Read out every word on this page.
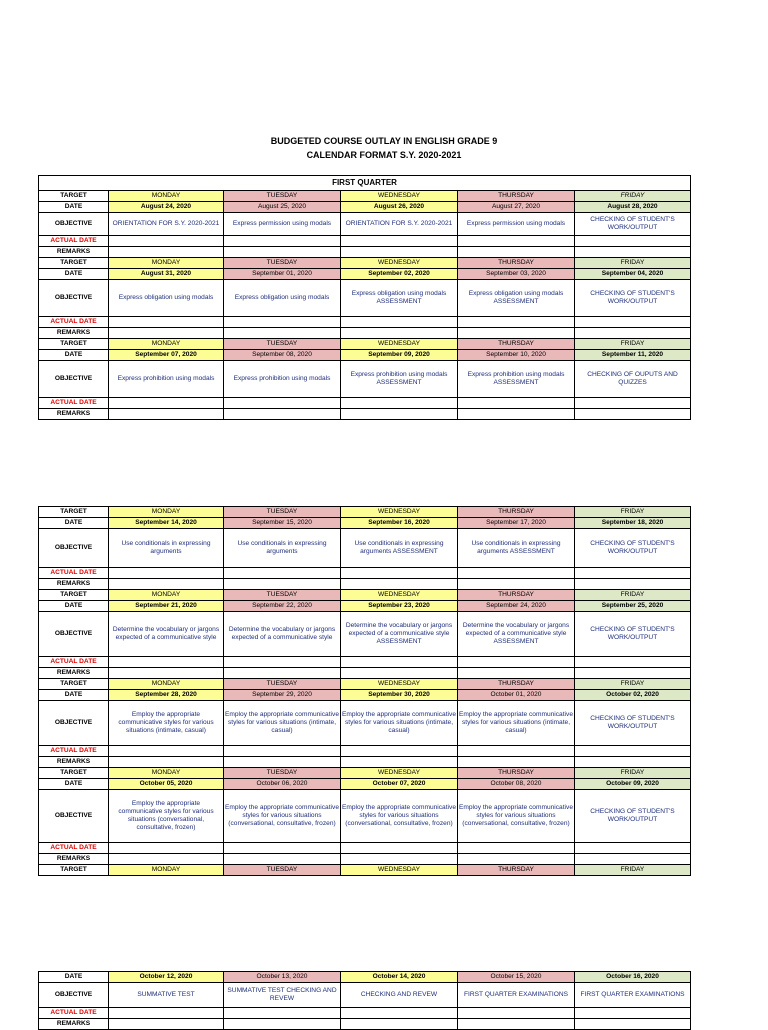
BUDGETED COURSE OUTLAY IN ENGLISH GRADE 9
CALENDAR FORMAT S.Y. 2020-2021
FIRST QUARTER					
TARGET	MONDAY	TUESDAY	WEDNESDAY	THURSDAY	FRIDAY
DATE	August 24, 2020	August 25, 2020	August 26, 2020	August 27, 2020	August 28, 2020
OBJECTIVE	ORIENTATION FOR S.Y. 2020-2021	Express permission using modals	ORIENTATION FOR S.Y. 2020-2021	Express permission using modals	CHECKING OF STUDENT'S WORK/OUTPUT
ACTUAL DATE					
REMARKS					
TARGET	MONDAY	TUESDAY	WEDNESDAY	THURSDAY	FRIDAY
DATE	August 31, 2020	September 01, 2020	September 02, 2020	September 03, 2020	September 04, 2020
OBJECTIVE	Express obligation using modals	Express obligation using modals	Express obligation using modals ASSESSMENT	Express obligation using modals ASSESSMENT	CHECKING OF STUDENT'S WORK/OUTPUT
ACTUAL DATE					
REMARKS					
TARGET	MONDAY	TUESDAY	WEDNESDAY	THURSDAY	FRIDAY
DATE	September 07, 2020	September 08, 2020	September 09, 2020	September 10, 2020	September 11, 2020
OBJECTIVE	Express prohibition using modals	Express prohibition using modals	Express prohibition using modals ASSESSMENT	Express prohibition using modals ASSESSMENT	CHECKING OF OUPUTS AND QUIZZES
ACTUAL DATE					
REMARKS					
TARGET	MONDAY	TUESDAY	WEDNESDAY	THURSDAY	FRIDAY
DATE	September 14, 2020	September 15, 2020	September 16, 2020	September 17, 2020	September 18, 2020
OBJECTIVE	Use conditionals in expressing arguments	Use conditionals in expressing arguments	Use conditionals in expressing arguments ASSESSMENT	Use conditionals in expressing arguments ASSESSMENT	CHECKING OF STUDENT'S WORK/OUTPUT
ACTUAL DATE					
REMARKS					
TARGET	MONDAY	TUESDAY	WEDNESDAY	THURSDAY	FRIDAY
DATE	September 21, 2020	September 22, 2020	September 23, 2020	September 24, 2020	September 25, 2020
OBJECTIVE	Determine the vocabulary or jargons expected of a communicative style	Determine the vocabulary or jargons expected of a communicative style	Determine the vocabulary or jargons expected of a communicative style ASSESSMENT	Determine the vocabulary or jargons expected of a communicative style ASSESSMENT	CHECKING OF STUDENT'S WORK/OUTPUT
ACTUAL DATE					
REMARKS					
TARGET	MONDAY	TUESDAY	WEDNESDAY	THURSDAY	FRIDAY
DATE	September 28, 2020	September 29, 2020	September 30, 2020	October 01, 2020	October 02, 2020
OBJECTIVE	Employ the appropriate communicative styles for various situations (intimate, casual)	Employ the appropriate communicative styles for various situations (intimate, casual)	Employ the appropriate communicative styles for various situations (intimate, casual)	Employ the appropriate communicative styles for various situations (intimate, casual)	CHECKING OF STUDENT'S WORK/OUTPUT
ACTUAL DATE					
REMARKS					
TARGET	MONDAY	TUESDAY	WEDNESDAY	THURSDAY	FRIDAY
DATE	October 05, 2020	October 06, 2020	October 07, 2020	October 08, 2020	October 09, 2020
OBJECTIVE	Employ the appropriate communicative styles for various situations (conversational, consultative, frozen)	Employ the appropriate communicative styles for various situations (conversational, consultative, frozen)	Employ the appropriate communicative styles for various situations (conversational, consultative, frozen)	Employ the appropriate communicative styles for various situations (conversational, consultative, frozen)	CHECKING OF STUDENT'S WORK/OUTPUT
ACTUAL DATE					
REMARKS					
TARGET	MONDAY	TUESDAY	WEDNESDAY	THURSDAY	FRIDAY
DATE	October 12, 2020	October 13, 2020	October 14, 2020	October 15, 2020	October 16, 2020
OBJECTIVE	SUMMATIVE TEST	SUMMATIVE TEST CHECKING AND REVEW	CHECKING AND REVEW	FIRST QUARTER EXAMINATIONS	FIRST QUARTER EXAMINATIONS
ACTUAL DATE					
REMARKS					
